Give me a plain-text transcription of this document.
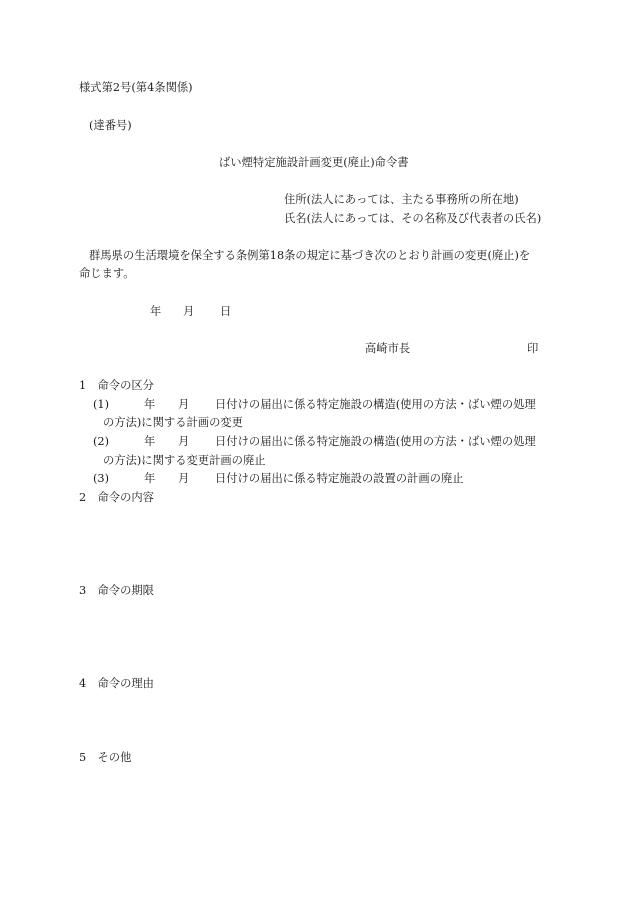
様式第2号(第4条関係)
(達番号)
ばい煙特定施設計画変更(廃止)命令書
住所(法人にあっては、主たる事務所の所在地)
氏名(法人にあっては、その名称及び代表者の氏名)
群馬県の生活環境を保全する条例第18条の規定に基づき次のとおり計画の変更(廃止)を
命じます。
年 月 日
高崎市長	印
1　命令の区分
(1)	年 月 日付けの届出に係る特定施設の構造(使用の方法・ばい煙の処理
の方法)に関する計画の変更
(2)	年 月 日付けの届出に係る特定施設の構造(使用の方法・ばい煙の処理
の方法)に関する変更計画の廃止
(3)	年 月 日付けの届出に係る特定施設の設置の計画の廃止
2　命令の内容
3　命令の期限
4　命令の理由
5　その他
